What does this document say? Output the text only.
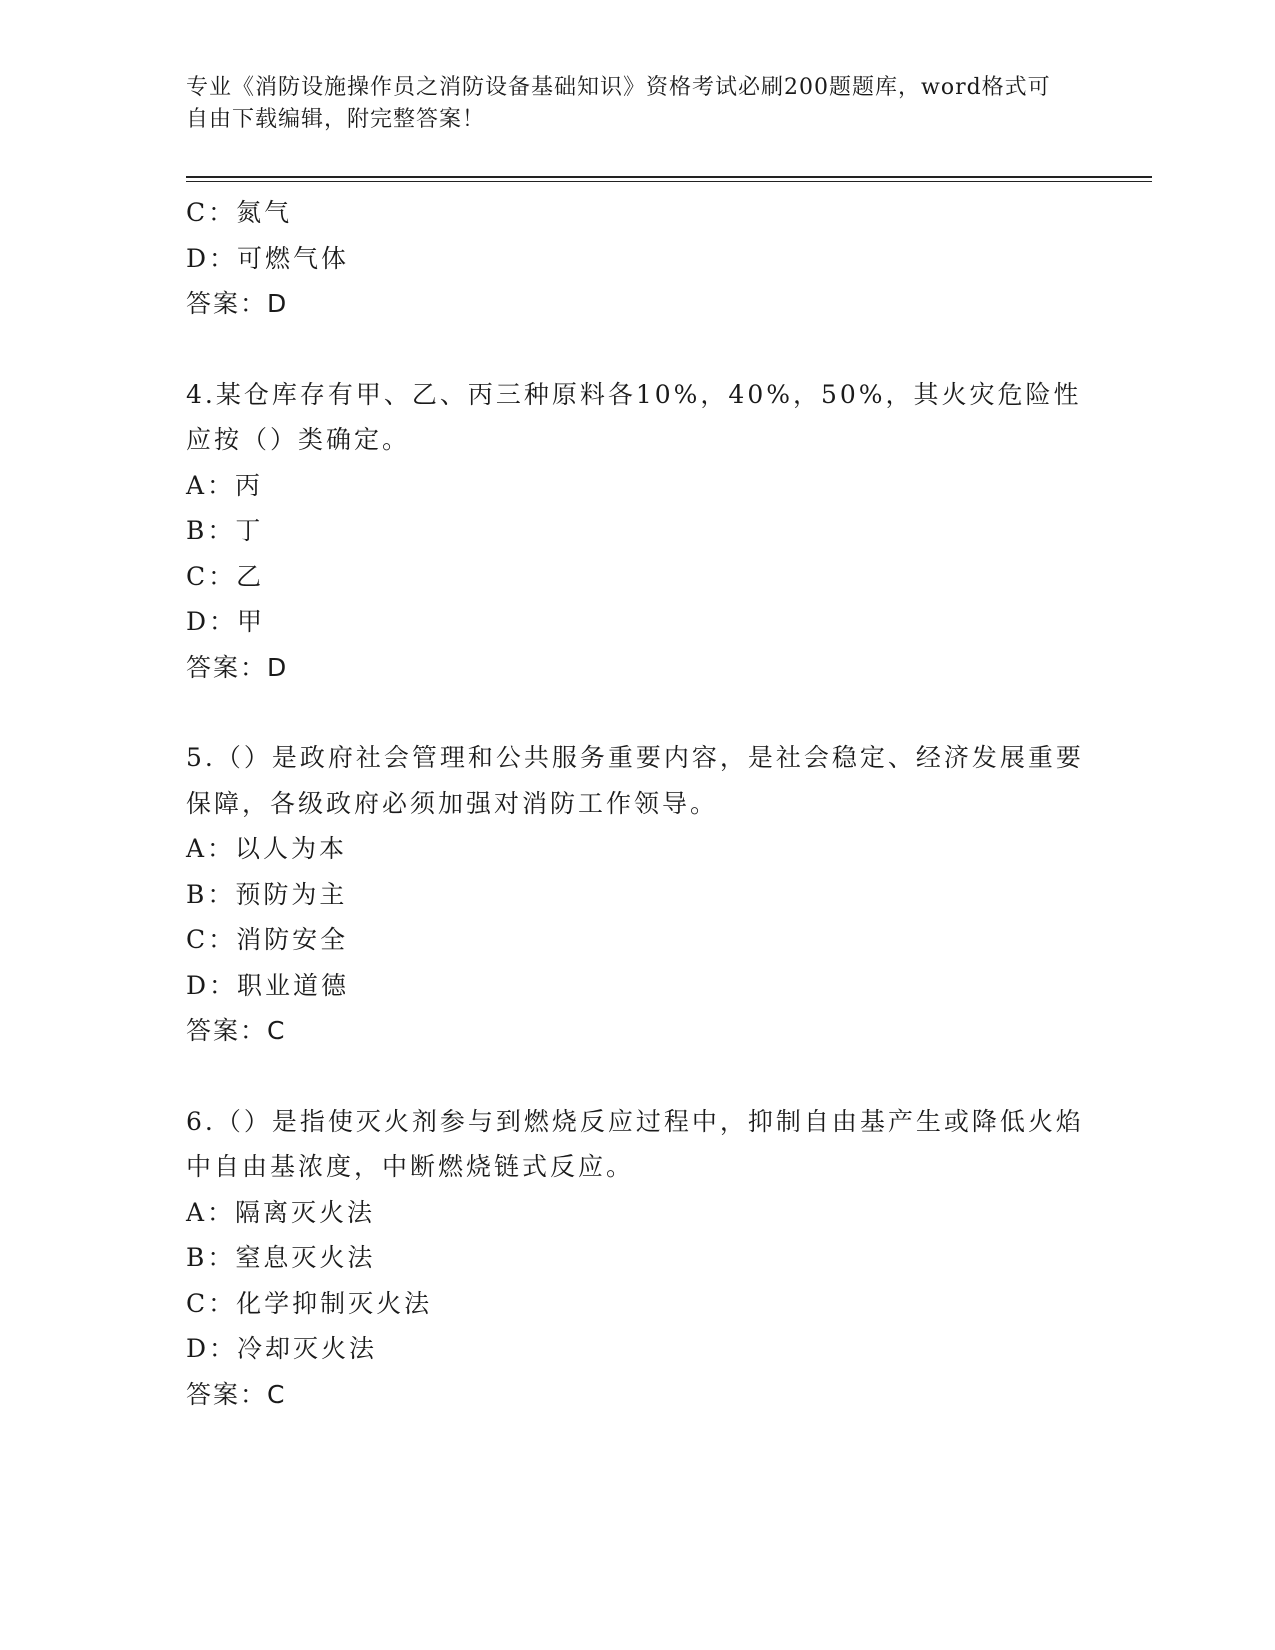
专业《消防设施操作员之消防设备基础知识》资格考试必刷200题题库，word格式可自由下载编辑，附完整答案！
C：氮气
D：可燃气体
答案：D
4.某仓库存有甲、乙、丙三种原料各10%，40%，50%，其火灾危险性应按（）类确定。
A：丙
B：丁
C：乙
D：甲
答案：D
5.（）是政府社会管理和公共服务重要内容，是社会稳定、经济发展重要保障，各级政府必须加强对消防工作领导。
A：以人为本
B：预防为主
C：消防安全
D：职业道德
答案：C
6.（）是指使灭火剂参与到燃烧反应过程中，抑制自由基产生或降低火焰中自由基浓度，中断燃烧链式反应。
A：隔离灭火法
B：窒息灭火法
C：化学抑制灭火法
D：冷却灭火法
答案：C
